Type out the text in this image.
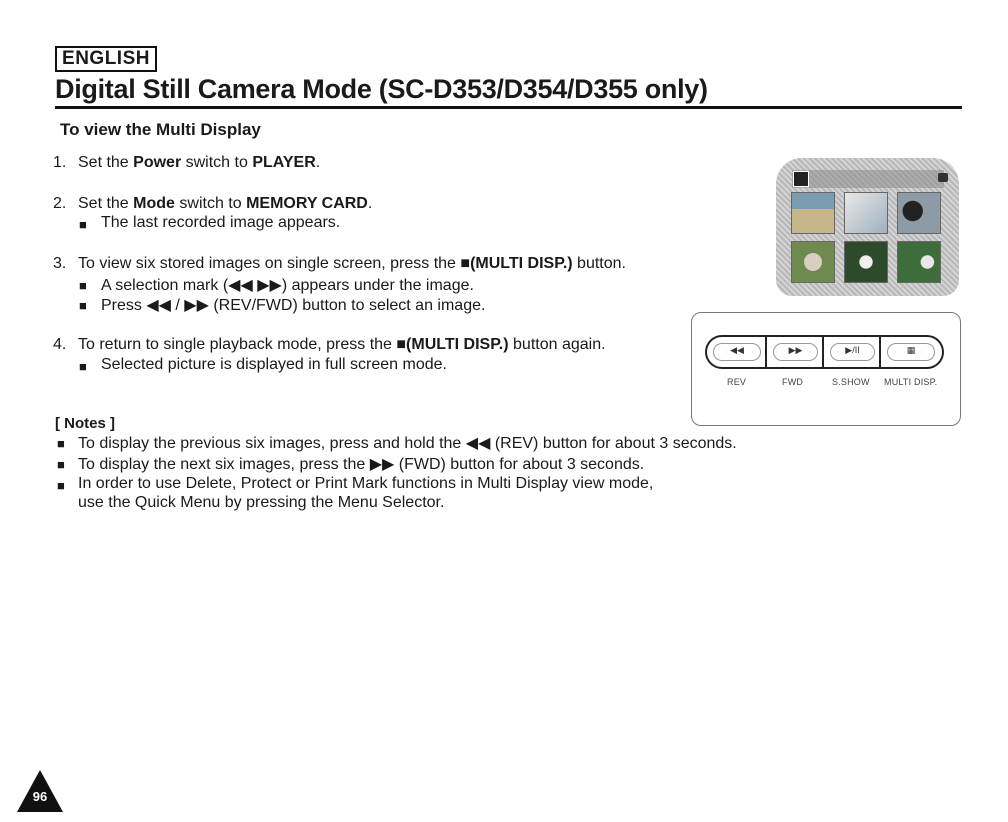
ENGLISH
Digital Still Camera Mode (SC-D353/D354/D355 only)
To view the Multi Display
1. Set the Power switch to PLAYER.
2. Set the Mode switch to MEMORY CARD.
■ The last recorded image appears.
3. To view six stored images on single screen, press the ■(MULTI DISP.) button.
■ A selection mark (◀◀ ▶▶) appears under the image.
■ Press ◀◀ / ▶▶ (REV/FWD) button to select an image.
4. To return to single playback mode, press the ■(MULTI DISP.) button again.
■ Selected picture is displayed in full screen mode.
◀◀	▶▶	▶/II	▦
REV	FWD	S.SHOW MULTI DISP.
[ Notes ]
■ To display the previous six images, press and hold the ◀◀ (REV) button for about 3 seconds.
■ To display the next six images, press the ▶▶ (FWD) button for about 3 seconds.
■ In order to use Delete, Protect or Print Mark functions in Multi Display view mode,
use the Quick Menu by pressing the Menu Selector.
96
